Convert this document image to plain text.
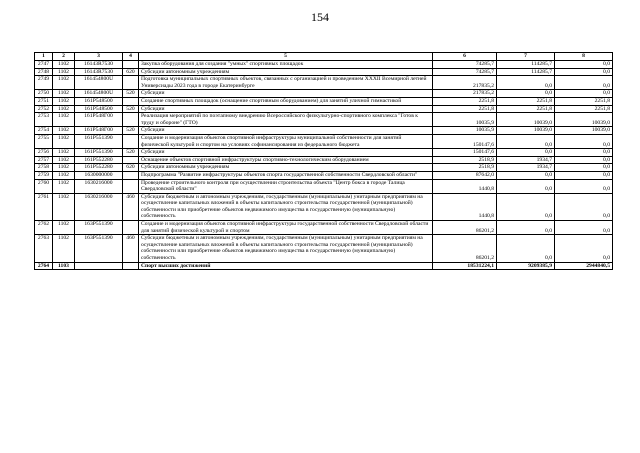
154
1	2	3	4	5	6	7	8
2747	1102	16143R7530		Закупка оборудования для создания "умных" спортивных площадок	74285,7	114285,7	0,0
2748	1102	16143R7530	620	Субсидии автономным учреждениям	74285,7	114285,7	0,0
2749	1102	161454800U		Подготовка муниципальных спортивных объектов, связанных с организацией и проведением XXXII Всемирной летней Универсиады 2023 года в городе Екатеринбурге	217835,2	0,0	0,0
2750	1102	161454800U	520	Субсидии	217835,2	0,0	0,0
2751	1102	161P548500		Создание спортивных площадок (оснащение спортивным оборудованием) для занятий уличной гимнастикой	2251,8	2251,8	2251,8
2752	1102	161P548500	520	Субсидии	2251,8	2251,8	2251,8
2753	1102	161P548Г00		Реализация мероприятий по поэтапному внедрению Всероссийского физкультурно-спортивного комплекса "Готов к труду и обороне" (ГТО)	10035,9	10039,0	10039,0
2754	1102	161P548Г00	520	Субсидии	10035,9	10039,0	10039,0
2755	1102	161P551390		Создание и модернизация объектов спортивной инфраструктуры муниципальной собственности для занятий физической культурой и спортом на условиях софинансирования из федерального бюджета	150147,6	0,0	0,0
2756	1102	161P551390	520	Субсидии	150147,6	0,0	0,0
2757	1102	161P552280		Оснащение объектов спортивной инфраструктуры спортивно-технологическим оборудованием	2518,9	1934,7	0,0
2758	1102	161P552280	620	Субсидии автономным учреждениям	2518,9	1934,7	0,0
2759	1102	1630000000		Подпрограмма "Развитие инфраструктуры объектов спорта государственной собственности Свердловской области"	87642,0	0,0	0,0
2760	1102	1630216000		Проведение строительного контроля при осуществлении строительства объекта "Центр бокса в городе Талица Свердловской области"	1440,8	0,0	0,0
2761	1102	1630216000	460	Субсидии бюджетным и автономным учреждениям, государственным (муниципальным) унитарным предприятиям на осуществление капитальных вложений в объекты капитального строительства государственной (муниципальной) собственности или приобретение объектов недвижимого имущества в государственную (муниципальную) собственность	1440,8	0,0	0,0
2762	1102	163P551390		Создание и модернизация объектов спортивной инфраструктуры государственной собственности Свердловской области для занятий физической культурой и спортом	86201,2	0,0	0,0
2763	1102	163P551390	460	Субсидии бюджетным и автономным учреждениям, государственным (муниципальным) унитарным предприятиям на осуществление капитальных вложений в объекты капитального строительства государственной (муниципальной) собственности или приобретение объектов недвижимого имущества в государственную (муниципальную) собственность	86201,2	0,0	0,0
2764	1103			Спорт высших достижений	18531224,1	9209385,9	2944840,5
